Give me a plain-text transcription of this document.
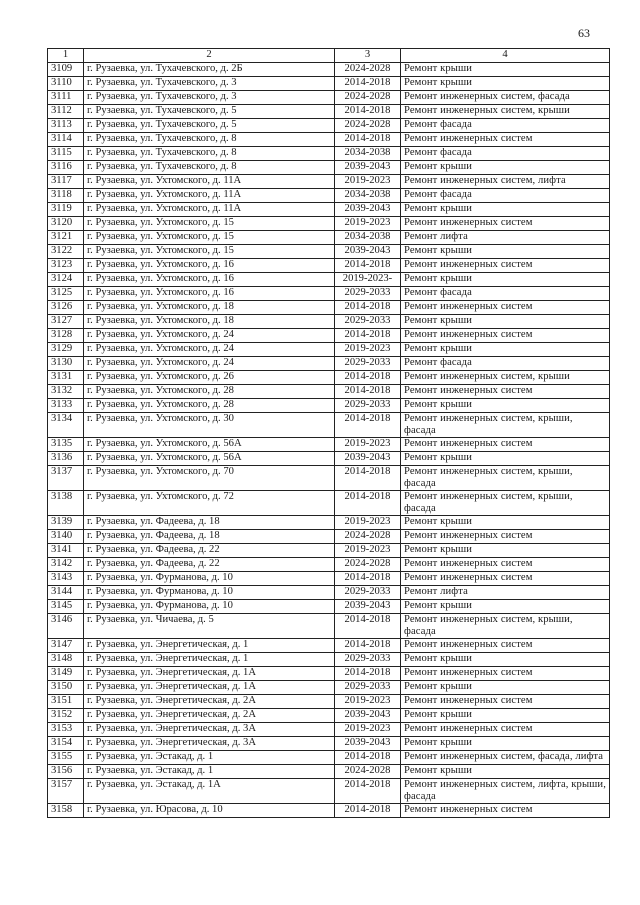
63
1	2	3	4
3109	г. Рузаевка, ул. Тухачевского, д. 2Б	2024-2028	Ремонт крыши
3110	г. Рузаевка, ул. Тухачевского, д. 3	2014-2018	Ремонт крыши
3111	г. Рузаевка, ул. Тухачевского, д. 3	2024-2028	Ремонт инженерных систем, фасада
3112	г. Рузаевка, ул. Тухачевского, д. 5	2014-2018	Ремонт инженерных систем, крыши
3113	г. Рузаевка, ул. Тухачевского, д. 5	2024-2028	Ремонт фасада
3114	г. Рузаевка, ул. Тухачевского, д. 8	2014-2018	Ремонт инженерных систем
3115	г. Рузаевка, ул. Тухачевского, д. 8	2034-2038	Ремонт фасада
3116	г. Рузаевка, ул. Тухачевского, д. 8	2039-2043	Ремонт крыши
3117	г. Рузаевка, ул. Ухтомского, д. 11А	2019-2023	Ремонт инженерных систем, лифта
3118	г. Рузаевка, ул. Ухтомского, д. 11А	2034-2038	Ремонт фасада
3119	г. Рузаевка, ул. Ухтомского, д. 11А	2039-2043	Ремонт крыши
3120	г. Рузаевка, ул. Ухтомского, д. 15	2019-2023	Ремонт инженерных систем
3121	г. Рузаевка, ул. Ухтомского, д. 15	2034-2038	Ремонт лифта
3122	г. Рузаевка, ул. Ухтомского, д. 15	2039-2043	Ремонт крыши
3123	г. Рузаевка, ул. Ухтомского, д. 16	2014-2018	Ремонт инженерных систем
3124	г. Рузаевка, ул. Ухтомского, д. 16	2019-2023-	Ремонт крыши
3125	г. Рузаевка, ул. Ухтомского, д. 16	2029-2033	Ремонт фасада
3126	г. Рузаевка, ул. Ухтомского, д. 18	2014-2018	Ремонт инженерных систем
3127	г. Рузаевка, ул. Ухтомского, д. 18	2029-2033	Ремонт крыши
3128	г. Рузаевка, ул. Ухтомского, д. 24	2014-2018	Ремонт инженерных систем
3129	г. Рузаевка, ул. Ухтомского, д. 24	2019-2023	Ремонт крыши
3130	г. Рузаевка, ул. Ухтомского, д. 24	2029-2033	Ремонт фасада
3131	г. Рузаевка, ул. Ухтомского, д. 26	2014-2018	Ремонт инженерных систем, крыши
3132	г. Рузаевка, ул. Ухтомского, д. 28	2014-2018	Ремонт инженерных систем
3133	г. Рузаевка, ул. Ухтомского, д. 28	2029-2033	Ремонт крыши
3134	г. Рузаевка, ул. Ухтомского, д. 30	2014-2018	Ремонт инженерных систем, крыши, фасада
3135	г. Рузаевка, ул. Ухтомского, д. 56А	2019-2023	Ремонт инженерных систем
3136	г. Рузаевка, ул. Ухтомского, д. 56А	2039-2043	Ремонт крыши
3137	г. Рузаевка, ул. Ухтомского, д. 70	2014-2018	Ремонт инженерных систем, крыши, фасада
3138	г. Рузаевка, ул. Ухтомского, д. 72	2014-2018	Ремонт инженерных систем, крыши, фасада
3139	г. Рузаевка, ул. Фадеева, д. 18	2019-2023	Ремонт крыши
3140	г. Рузаевка, ул. Фадеева, д. 18	2024-2028	Ремонт инженерных систем
3141	г. Рузаевка, ул. Фадеева, д. 22	2019-2023	Ремонт крыши
3142	г. Рузаевка, ул. Фадеева, д. 22	2024-2028	Ремонт инженерных систем
3143	г. Рузаевка, ул. Фурманова, д. 10	2014-2018	Ремонт инженерных систем
3144	г. Рузаевка, ул. Фурманова, д. 10	2029-2033	Ремонт лифта
3145	г. Рузаевка, ул. Фурманова, д. 10	2039-2043	Ремонт крыши
3146	г. Рузаевка, ул. Чичаева, д. 5	2014-2018	Ремонт инженерных систем, крыши, фасада
3147	г. Рузаевка, ул. Энергетическая, д. 1	2014-2018	Ремонт инженерных систем
3148	г. Рузаевка, ул. Энергетическая, д. 1	2029-2033	Ремонт крыши
3149	г. Рузаевка, ул. Энергетическая, д. 1А	2014-2018	Ремонт инженерных систем
3150	г. Рузаевка, ул. Энергетическая, д. 1А	2029-2033	Ремонт крыши
3151	г. Рузаевка, ул. Энергетическая, д. 2А	2019-2023	Ремонт инженерных систем
3152	г. Рузаевка, ул. Энергетическая, д. 2А	2039-2043	Ремонт крыши
3153	г. Рузаевка, ул. Энергетическая, д. 3А	2019-2023	Ремонт инженерных систем
3154	г. Рузаевка, ул. Энергетическая, д. 3А	2039-2043	Ремонт крыши
3155	г. Рузаевка, ул. Эстакад, д. 1	2014-2018	Ремонт инженерных систем, фасада, лифта
3156	г. Рузаевка, ул. Эстакад, д. 1	2024-2028	Ремонт крыши
3157	г. Рузаевка, ул. Эстакад, д. 1А	2014-2018	Ремонт инженерных систем, лифта, крыши, фасада
3158	г. Рузаевка, ул. Юрасова, д. 10	2014-2018	Ремонт инженерных систем
